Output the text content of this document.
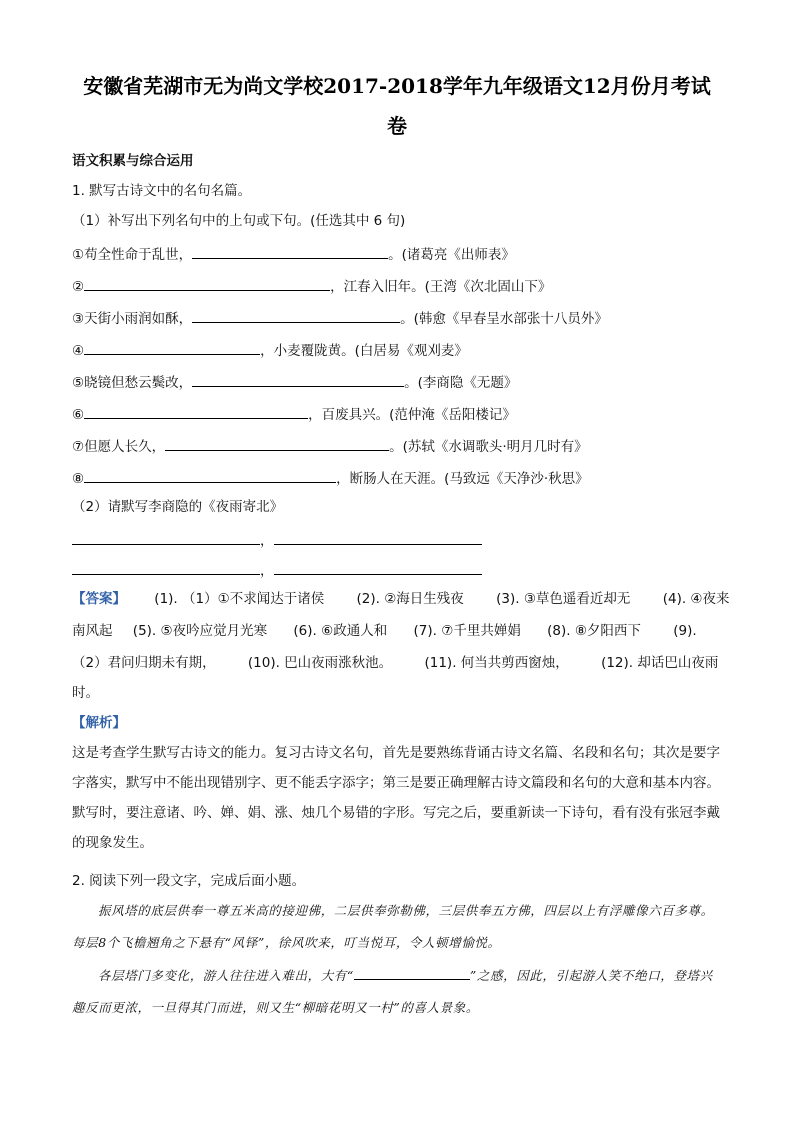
安徽省芜湖市无为尚文学校2017-2018学年九年级语文12月份月考试
卷
语文积累与综合运用
1. 默写古诗文中的名句名篇。
（1）补写出下列名句中的上句或下句。(任选其中 6 句)
①苟全性命于乱世，	。(诸葛亮《出师表》
②	，江春入旧年。(王湾《次北固山下》
③天街小雨润如酥，	。(韩愈《早春呈水部张十八员外》
④	，小麦覆陇黄。(白居易《观刈麦》
⑤晓镜但愁云鬓改，	。(李商隐《无题》
⑥	，百废具兴。(范仲淹《岳阳楼记》
⑦但愿人长久，	。(苏轼《水调歌头·明月几时有》
⑧	，断肠人在天涯。(马致远《天净沙·秋思》
（2）请默写李商隐的《夜雨寄北》
，
，
【答案】 (1). （1）①不求闻达于诸侯 (2). ②海日生残夜 (3). ③草色遥看近却无 (4). ④夜来
南风起 (5). ⑤夜吟应觉月光寒 (6). ⑥政通人和 (7). ⑦千里共婵娟 (8). ⑧夕阳西下 (9).
（2）君问归期未有期， (10). 巴山夜雨涨秋池。 (11). 何当共剪西窗烛， (12). 却话巴山夜雨
时。
【解析】
这是考查学生默写古诗文的能力。复习古诗文名句，首先是要熟练背诵古诗文名篇、名段和名句；其次是要字字落实，默写中不能出现错别字、更不能丢字添字；第三是要正确理解古诗文篇段和名句的大意和基本内容。默写时，要注意诸、吟、婵、娟、涨、烛几个易错的字形。写完之后，要重新读一下诗句，看有没有张冠李戴的现象发生。
2. 阅读下列一段文字，完成后面小题。
振风塔的底层供奉一尊五米高的接迎佛，二层供奉弥勒佛，三层供奉五方佛，四层以上有浮雕像六百多尊。每层8个飞檐翘角之下悬有“风铎”，徐风吹来，叮当悦耳，令人顿增愉悦。
各层塔门多变化，游人往往进入难出，大有“	”之感，因此，引起游人笑不绝口，登塔兴趣反而更浓，一旦得其门而进，则又生“柳暗花明又一村”的喜人景象。
